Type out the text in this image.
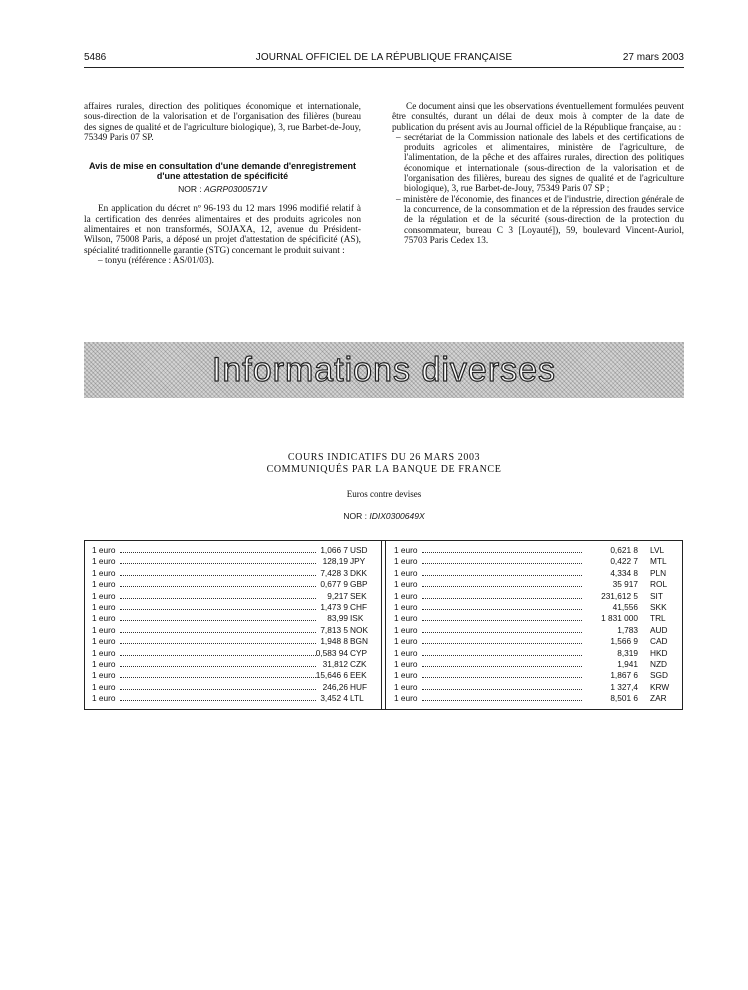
5486	JOURNAL OFFICIEL DE LA RÉPUBLIQUE FRANÇAISE	27 mars 2003

affaires rurales, direction des politiques économique et internationale, sous-direction de la valorisation et de l'organisation des filières (bureau des signes de qualité et de l'agriculture biologique), 3, rue Barbet-de-Jouy, 75349 Paris 07 SP.

Avis de mise en consultation d'une demande d'enregistrement d'une attestation de spécificité

NOR : AGRP0300571V

En application du décret nº 96-193 du 12 mars 1996 modifié relatif à la certification des denrées alimentaires et des produits agricoles non alimentaires et non transformés, SOJAXA, 12, avenue du Président-Wilson, 75008 Paris, a déposé un projet d'attestation de spécificité (AS), spécialité traditionnelle garantie (STG) concernant le produit suivant :

– tonyu (référence : AS/01/03).

Ce document ainsi que les observations éventuellement formulées peuvent être consultés, durant un délai de deux mois à compter de la date de publication du présent avis au Journal officiel de la République française, au :

– secrétariat de la Commission nationale des labels et des certifications de produits agricoles et alimentaires, ministère de l'agriculture, de l'alimentation, de la pêche et des affaires rurales, direction des politiques économique et internationale (sous-direction de la valorisation et de l'organisation des filières, bureau des signes de qualité et de l'agriculture biologique), 3, rue Barbet-de-Jouy, 75349 Paris 07 SP ;

– ministère de l'économie, des finances et de l'industrie, direction générale de la concurrence, de la consommation et de la répression des fraudes service de la régulation et de la sécurité (sous-direction de la protection du consommateur, bureau C 3 [Loyauté]), 59, boulevard Vincent-Auriol, 75703 Paris Cedex 13.

Informations diverses
COURS INDICATIFS DU 26 MARS 2003
COMMUNIQUÉS PAR LA BANQUE DE FRANCE
Euros contre devises
NOR : IDIX0300649X
1 euro	1,066 7 USD
1 euro	128,19 JPY
1 euro	7,428 3 DKK
1 euro	0,677 9 GBP
1 euro	9,217 SEK
1 euro	1,473 9 CHF
1 euro	83,99 ISK
1 euro	7,813 5 NOK
1 euro	1,948 8 BGN
1 euro	0,583 94 CYP
1 euro	31,812 CZK
1 euro	15,646 6 EEK
1 euro	246,26 HUF
1 euro	3,452 4 LTL
1 euro	0,621 8 LVL
1 euro	0,422 7 MTL
1 euro	4,334 8 PLN
1 euro	35 917 ROL
1 euro	231,612 5 SIT
1 euro	41,556 SKK
1 euro	1 831 000 TRL
1 euro	1,783 AUD
1 euro	1,566 9 CAD
1 euro	8,319 HKD
1 euro	1,941 NZD
1 euro	1,867 6 SGD
1 euro	1 327,4 KRW
1 euro	8,501 6 ZAR
